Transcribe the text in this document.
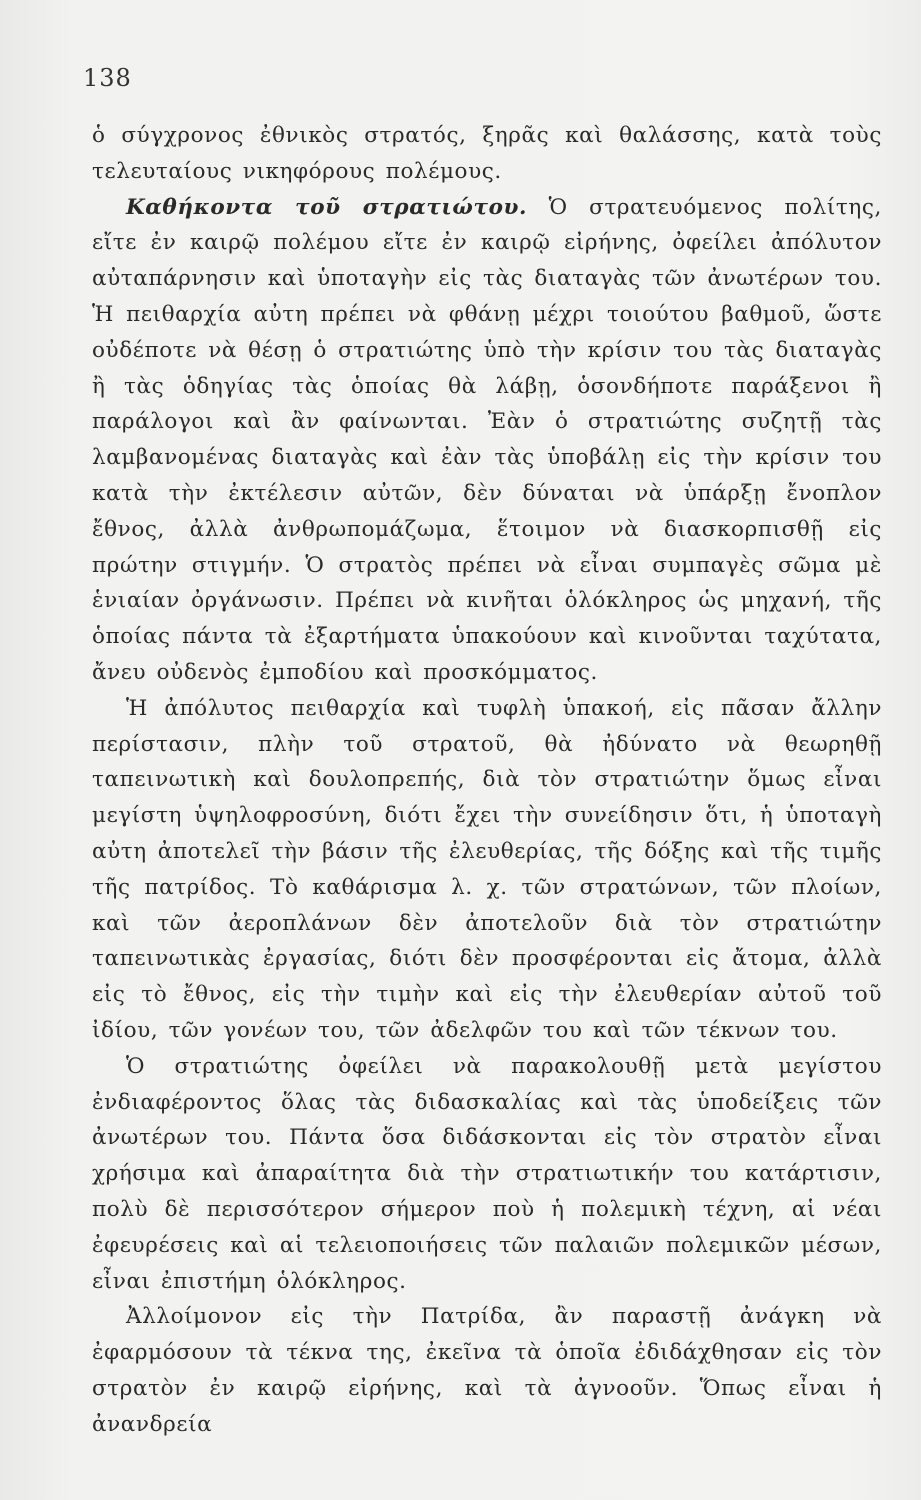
138

ὁ σύγχρονος ἐθνικὸς στρατός, ξηρᾶς καὶ θαλάσσης, κατὰ τοὺς τελευταίους νικηφόρους πολέμους.

Καθήκοντα τοῦ στρατιώτου. Ὁ στρατευόμενος πολίτης, εἴτε ἐν καιρῷ πολέμου εἴτε ἐν καιρῷ εἰρήνης, ὀφείλει ἀπόλυτον αὐταπάρνησιν καὶ ὑποταγὴν εἰς τὰς διαταγὰς τῶν ἀνωτέρων του. Ἡ πειθαρχία αὐτη πρέπει νὰ φθάνῃ μέχρι τοιούτου βαθμοῦ, ὥστε οὐδέποτε νὰ θέσῃ ὁ στρατιώτης ὑπὸ τὴν κρίσιν του τὰς διαταγὰς ἢ τὰς ὁδηγίας τὰς ὁποίας θὰ λάβῃ, ὁσονδήποτε παράξενοι ἢ παράλογοι καὶ ἂν φαίνωνται. Ἐὰν ὁ στρατιώτης συζητῇ τὰς λαμβανομένας διαταγὰς καὶ ἐὰν τὰς ὑποβάλῃ εἰς τὴν κρίσιν του κατὰ τὴν ἐκτέλεσιν αὐτῶν, δὲν δύναται νὰ ὑπάρξῃ ἔνοπλον ἔθνος, ἀλλὰ ἀνθρωπομάζωμα, ἕτοιμον νὰ διασκορπισθῇ εἰς πρώτην στιγμήν. Ὁ στρατὸς πρέπει νὰ εἶναι συμπαγὲς σῶμα μὲ ἑνιαίαν ὀργάνωσιν. Πρέπει νὰ κινῆται ὁλόκληρος ὡς μηχανή, τῆς ὁποίας πάντα τὰ ἐξαρτήματα ὑπακούουν καὶ κινοῦνται ταχύτατα, ἄνευ οὐδενὸς ἐμποδίου καὶ προσκόμματος.

Ἡ ἀπόλυτος πειθαρχία καὶ τυφλὴ ὑπακοή, εἰς πᾶσαν ἄλλην περίστασιν, πλὴν τοῦ στρατοῦ, θὰ ἠδύνατο νὰ θεωρηθῇ ταπεινωτικὴ καὶ δουλοπρεπής, διὰ τὸν στρατιώτην ὅμως εἶναι μεγίστη ὑψηλοφροσύνη, διότι ἔχει τὴν συνείδησιν ὅτι, ἡ ὑποταγὴ αὐτη ἀποτελεῖ τὴν βάσιν τῆς ἐλευθερίας, τῆς δόξης καὶ τῆς τιμῆς τῆς πατρίδος. Τὸ καθάρισμα λ. χ. τῶν στρατώνων, τῶν πλοίων, καὶ τῶν ἀεροπλάνων δὲν ἀποτελοῦν διὰ τὸν στρατιώτην ταπεινωτικὰς ἐργασίας, διότι δὲν προσφέρονται εἰς ἄτομα, ἀλλὰ εἰς τὸ ἔθνος, εἰς τὴν τιμὴν καὶ εἰς τὴν ἐλευθερίαν αὐτοῦ τοῦ ἰδίου, τῶν γονέων του, τῶν ἀδελφῶν του καὶ τῶν τέκνων του.

Ὁ στρατιώτης ὀφείλει νὰ παρακολουθῇ μετὰ μεγίστου ἐνδιαφέροντος ὅλας τὰς διδασκαλίας καὶ τὰς ὑποδείξεις τῶν ἀνωτέρων του. Πάντα ὅσα διδάσκονται εἰς τὸν στρατὸν εἶναι χρήσιμα καὶ ἀπαραίτητα διὰ τὴν στρατιωτικήν του κατάρτισιν, πολὺ δὲ περισσότερον σήμερον ποὺ ἡ πολεμικὴ τέχνη, αἱ νέαι ἐφευρέσεις καὶ αἱ τελειοποιήσεις τῶν παλαιῶν πολεμικῶν μέσων, εἶναι ἐπιστήμη ὁλόκληρος.

Ἀλλοίμονον εἰς τὴν Πατρίδα, ἂν παραστῇ ἀνάγκη νὰ ἐφαρμόσουν τὰ τέκνα της, ἐκεῖνα τὰ ὁποῖα ἐδιδάχθησαν εἰς τὸν στρατὸν ἐν καιρῷ εἰρήνης, καὶ τὰ ἀγνοοῦν. Ὅπως εἶναι ἡ ἀνανδρεία
